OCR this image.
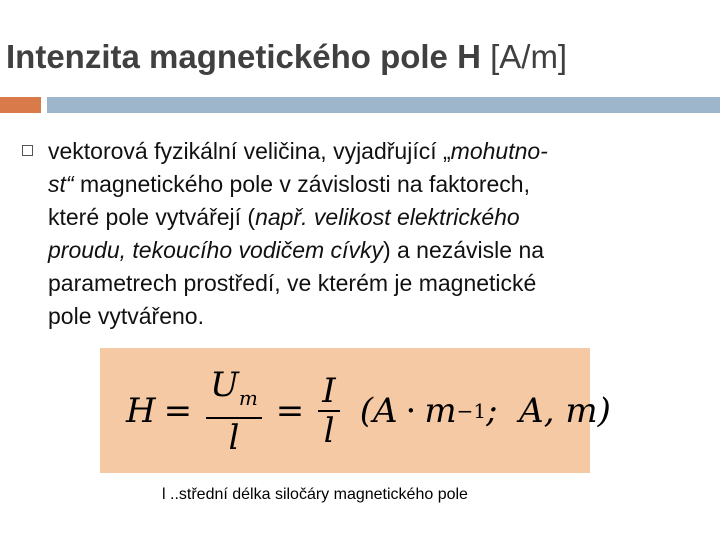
Intenzita magnetického pole H [A/m]
vektorová fyzikální veličina, vyjadřující „mohutno-
st“ magnetického pole v závislosti na faktorech,
které pole vytvářejí (např. velikost elektrického
proudu, tekoucího vodičem cívky) a nezávisle na
parametrech prostředí, ve kterém je magnetické
pole vytvářeno.
$H = \frac{U_m}{l} = \frac{I}{l} (A \cdot m -1$ ;  A, m)
l ..střední délka siločáry magnetického pole
